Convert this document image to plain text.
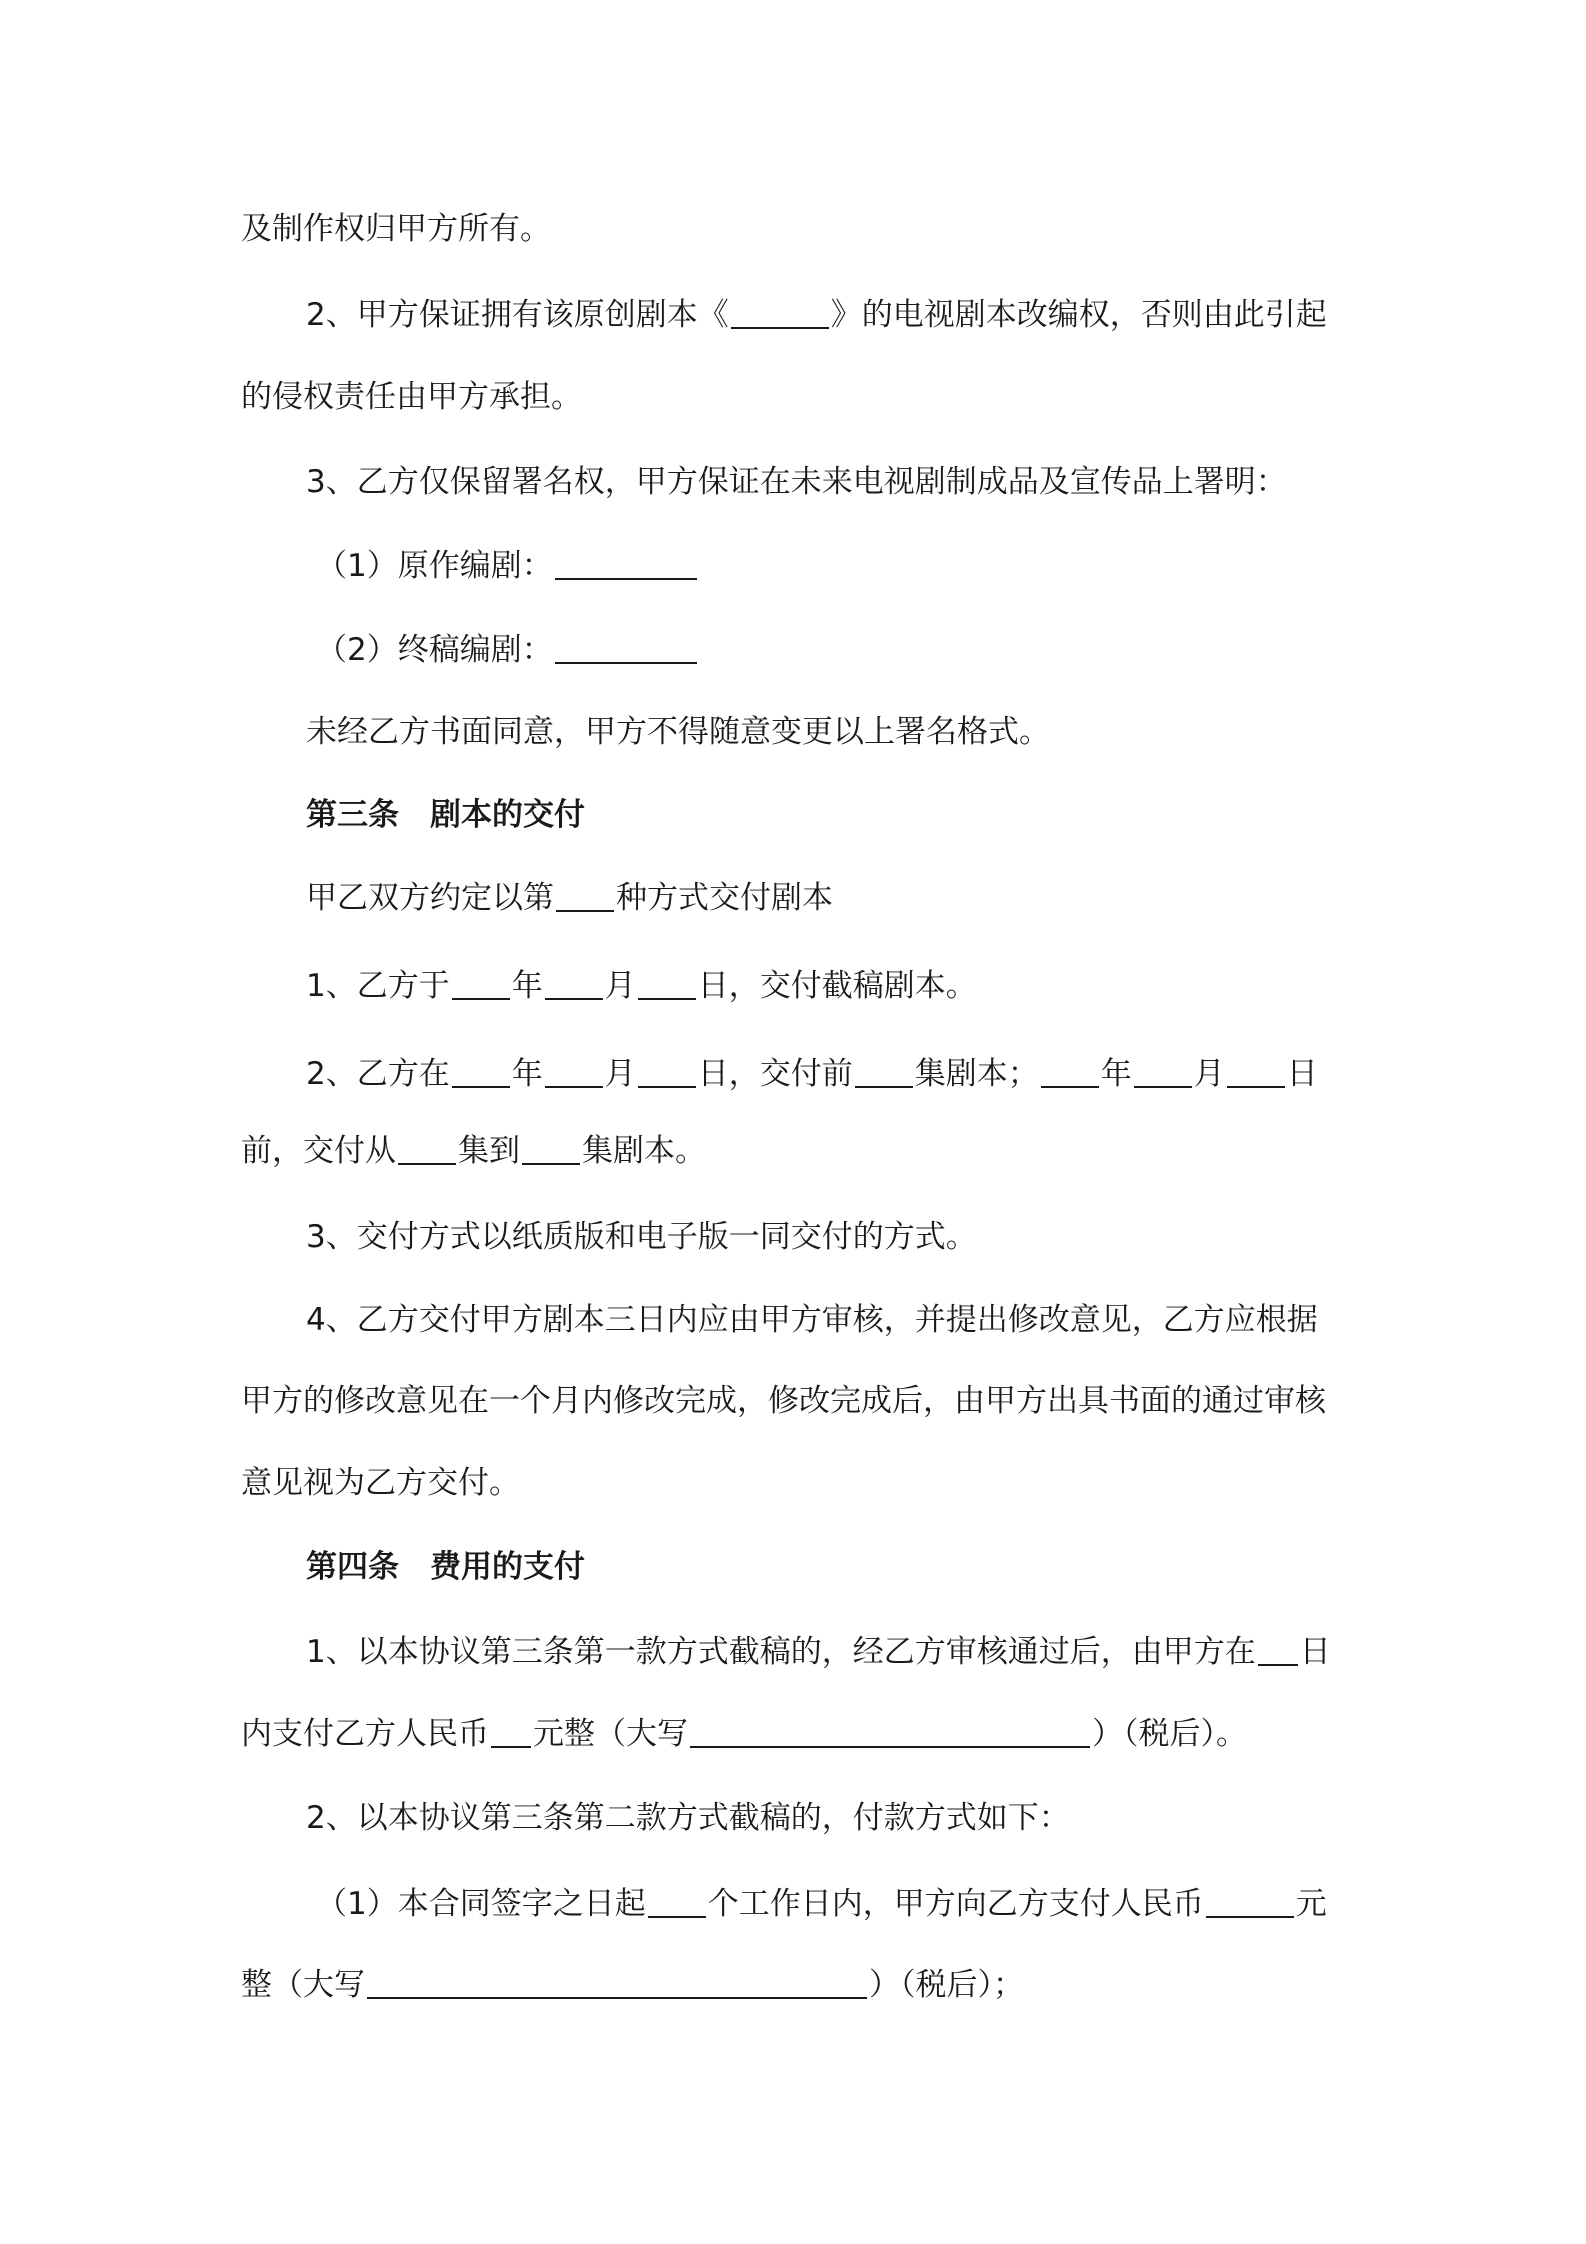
及制作权归甲方所有。
2、甲方保证拥有该原创剧本《	》的电视剧本改编权，否则由此引起
的侵权责任由甲方承担。
3、乙方仅保留署名权，甲方保证在未来电视剧制成品及宣传品上署明：
（1）原作编剧：
（2）终稿编剧：
未经乙方书面同意，甲方不得随意变更以上署名格式。
第三条　剧本的交付
甲乙双方约定以第 种方式交付剧本
1、乙方于 年 月 日，交付截稿剧本。
2、乙方在 年 月 日，交付前 集剧本； 年 月 日
前，交付从 集到 集剧本。
3、交付方式以纸质版和电子版一同交付的方式。
4、乙方交付甲方剧本三日内应由甲方审核，并提出修改意见，乙方应根据
甲方的修改意见在一个月内修改完成，修改完成后，由甲方出具书面的通过审核
意见视为乙方交付。
第四条　费用的支付
1、以本协议第三条第一款方式截稿的，经乙方审核通过后，由甲方在 日
内支付乙方人民币 元整（大写	）（税后）。
2、以本协议第三条第二款方式截稿的，付款方式如下：
（1）本合同签字之日起 个工作日内，甲方向乙方支付人民币	元
整（大写	）（税后）；
